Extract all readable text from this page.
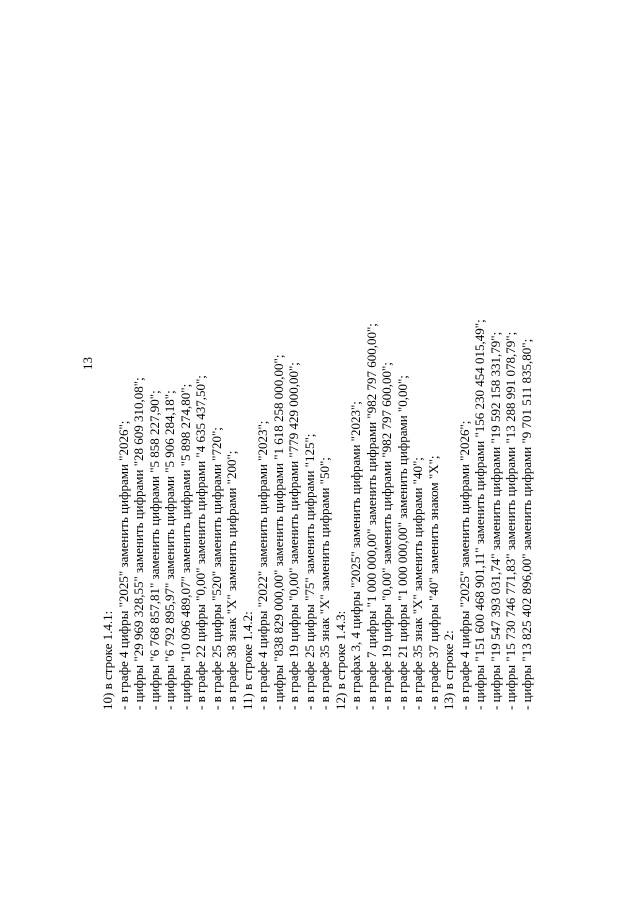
13
10) в строке 1.4.1: - в графе 4 цифры "2025" заменить цифрами "2026"; - цифры "29 969 328,55" заменить цифрами "28 609 310,08"; - цифры "6 768 857,81" заменить цифрами "5 858 227,90"; - цифры "6 792 895,97" заменить цифрами "5 906 284,18"; - цифры "10 096 489,07" заменить цифрами "5 898 274,80"; - в графе 22 цифры "0,00" заменить цифрами "4 635 437,50"; - в графе 25 цифры "520" заменить цифрами "720"; - в графе 38 знак "X" заменить цифрами "200"; 11) в строке 1.4.2: - в графе 4 цифры "2022" заменить цифрами "2023"; - цифры "838 829 000,00" заменить цифрами "1 618 258 000,00"; - в графе 19 цифры "0,00" заменить цифрами "779 429 000,00"; - в графе 25 цифры "75" заменить цифрами "125"; - в графе 35 знак "X" заменить цифрами "50"; 12) в строке 1.4.3: - в графах 3, 4 цифры "2025" заменить цифрами "2023"; - в графе 7 цифры "1 000 000,00" заменить цифрами "982 797 600,00"; - в графе 19 цифры "0,00" заменить цифрами "982 797 600,00"; - в графе 21 цифры "1 000 000,00" заменить цифрами "0,00"; - в графе 35 знак "X" заменить цифрами "40"; - в графе 37 цифры "40" заменить знаком "X"; 13) в строке 2: - в графе 4 цифры "2025" заменить цифрами "2026"; - цифры "151 600 468 901,11" заменить цифрами "156 230 454 015,49"; - цифры "19 547 393 031,74" заменить цифрами "19 592 158 331,79"; - цифры "15 730 746 771,83" заменить цифрами "13 288 991 078,79"; - цифры "13 825 402 896,00" заменить цифрами "9 701 511 835,80";
